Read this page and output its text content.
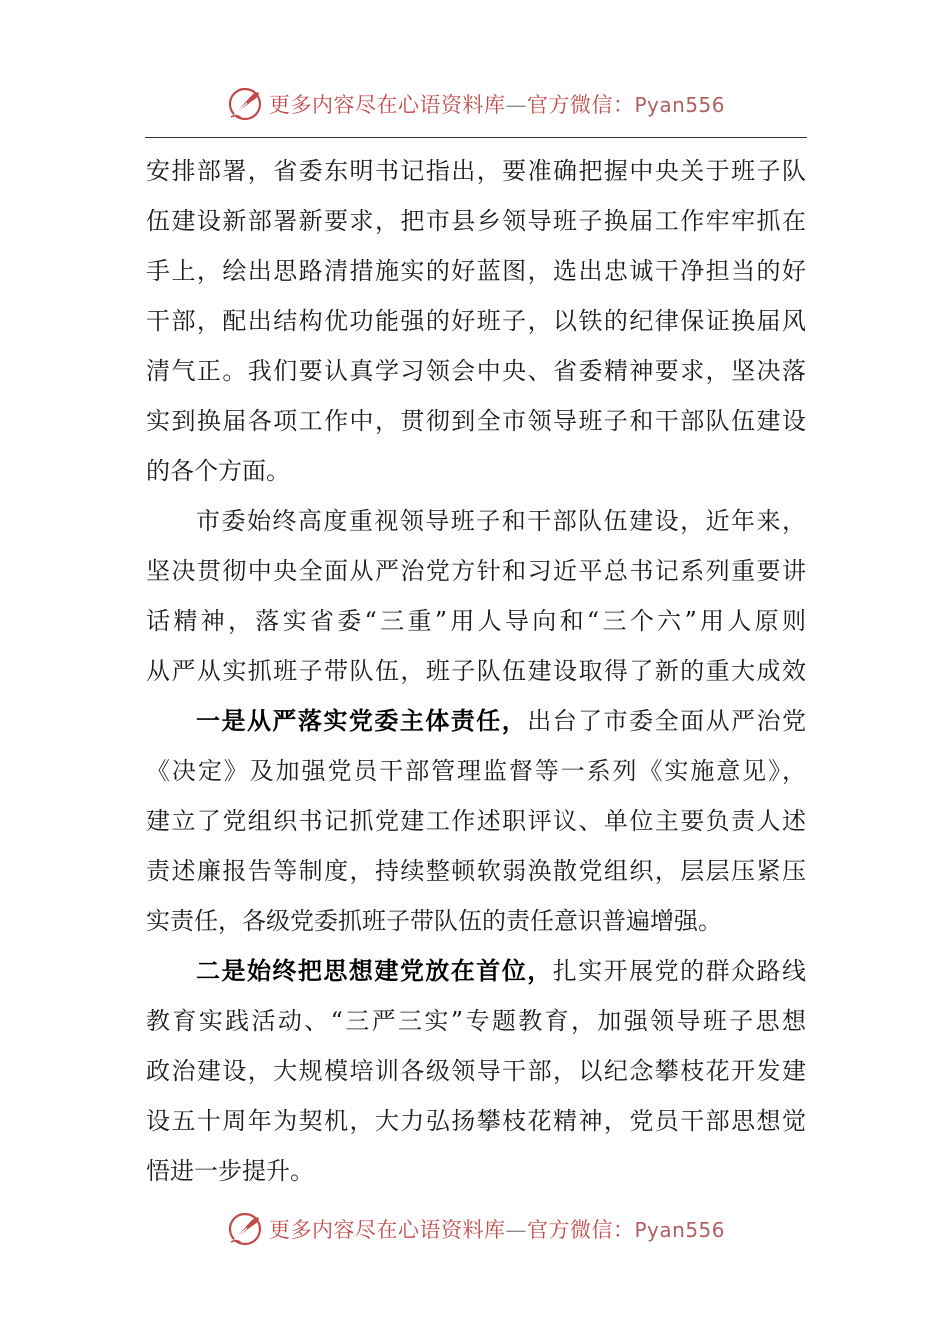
更多内容尽在心语资料库—官方微信：Pyan556
安排部署，省委东明书记指出，要准确把握中央关于班子队
伍建设新部署新要求，把市县乡领导班子换届工作牢牢抓在
手上，绘出思路清措施实的好蓝图，选出忠诚干净担当的好
干部，配出结构优功能强的好班子，以铁的纪律保证换届风
清气正。我们要认真学习领会中央、省委精神要求，坚决落
实到换届各项工作中，贯彻到全市领导班子和干部队伍建设
的各个方面。
市委始终高度重视领导班子和干部队伍建设，近年来，
坚决贯彻中央全面从严治党方针和习近平总书记系列重要讲
话精神，落实省委“三重”用人导向和“三个六”用人原则
从严从实抓班子带队伍，班子队伍建设取得了新的重大成效
一是从严落实党委主体责任，出台了市委全面从严治党
《决定》及加强党员干部管理监督等一系列《实施意见》，
建立了党组织书记抓党建工作述职评议、单位主要负责人述
责述廉报告等制度，持续整顿软弱涣散党组织，层层压紧压
实责任，各级党委抓班子带队伍的责任意识普遍增强。
二是始终把思想建党放在首位，扎实开展党的群众路线
教育实践活动、“三严三实”专题教育，加强领导班子思想
政治建设，大规模培训各级领导干部，以纪念攀枝花开发建
设五十周年为契机，大力弘扬攀枝花精神，党员干部思想觉
悟进一步提升。
更多内容尽在心语资料库—官方微信：Pyan556
